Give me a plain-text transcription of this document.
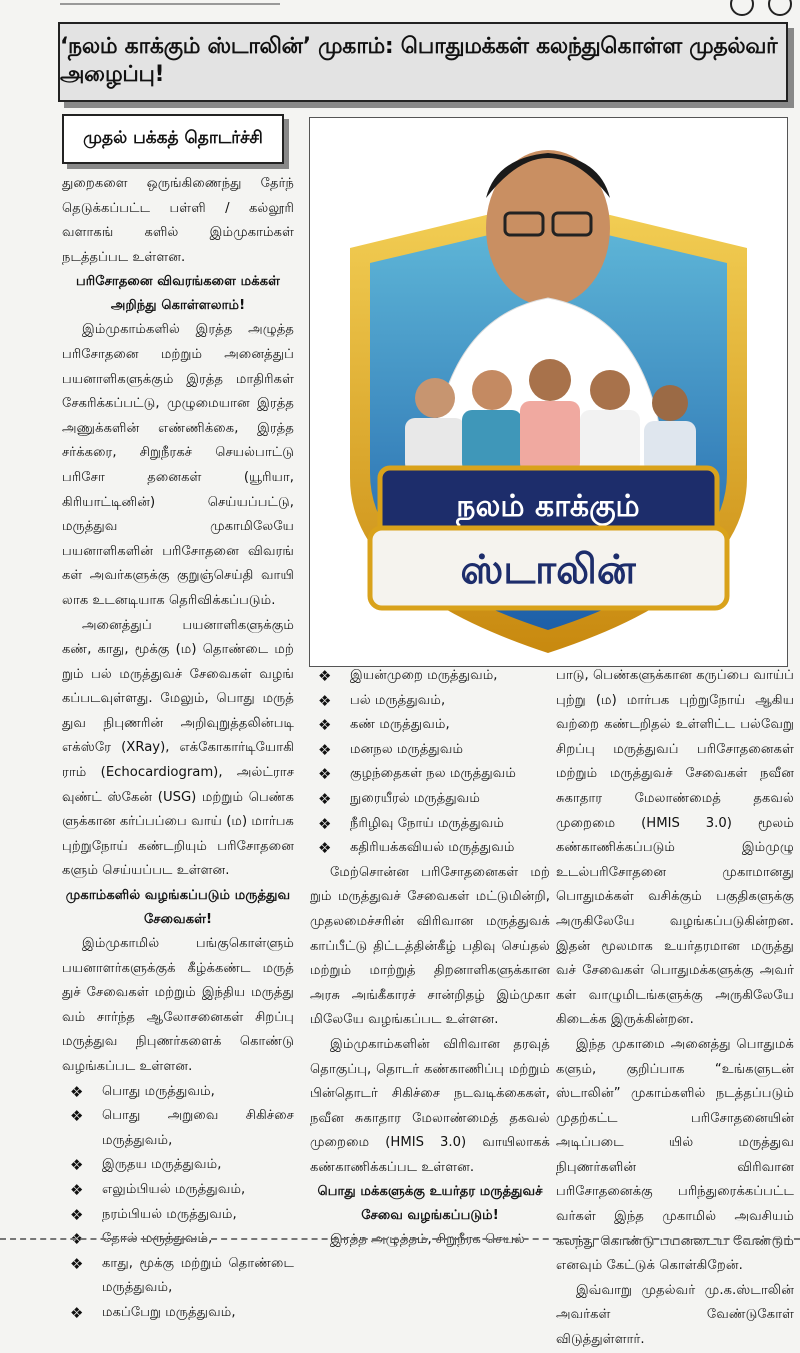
‘நலம் காக்கும் ஸ்டாலின்’ முகாம்: பொதுமக்கள் கலந்துகொள்ள முதல்வர் அழைப்பு!
முதல் பக்கத் தொடர்ச்சி

துறைகளை ஒருங்கிணைந்து தேர்ந் தெடுக்கப்பட்ட பள்ளி / கல்லூரி வளாகங் களில் இம்முகாம்கள் நடத்தப்பட உள்ளன.

பரிசோதனை விவரங்களை மக்கள் அறிந்து கொள்ளலாம்!

இம்முகாம்களில் இரத்த அழுத்த பரிசோதனை மற்றும் அனைத்துப் பயனாளிகளுக்கும் இரத்த மாதிரிகள் சேகரிக்கப்பட்டு, முழுமையான இரத்த அணுக்களின் எண்ணிக்கை, இரத்த சர்க்கரை, சிறுநீரகச் செயல்பாட்டு பரிசோ தனைகள் (யூரியா, கிரியாட்டினின்) செய்யப்பட்டு, மருத்துவ முகாமிலேயே பயனாளிகளின் பரிசோதனை விவரங் கள் அவர்களுக்கு குறுஞ்செய்தி வாயி லாக உடனடியாக தெரிவிக்கப்படும்.

அனைத்துப் பயனாளிகளுக்கும் கண், காது, மூக்கு (ம) தொண்டை மற் றும் பல் மருத்துவச் சேவைகள் வழங் கப்படவுள்ளது. மேலும், பொது மருத் துவ நிபுணரின் அறிவுறுத்தலின்படி எக்ஸ்ரே (XRay), எக்கோகார்டியோகி ராம் (Echocardiogram), அல்ட்ராச வுண்ட் ஸ்கேன் (USG) மற்றும் பெண்க ளுக்கான கர்ப்பப்பை வாய் (ம) மார்பக புற்றுநோய் கண்டறியும் பரிசோதனை களும் செய்யப்பட உள்ளன.

முகாம்களில் வழங்கப்படும் மருத்துவ சேவைகள்!

இம்முகாமில் பங்குகொள்ளும் பயனாளர்களுக்குக் கீழ்க்கண்ட மருத் துச் சேவைகள் மற்றும் இந்திய மருத்து வம் சார்ந்த ஆலோசனைகள் சிறப்பு மருத்துவ நிபுணர்களைக் கொண்டு வழங்கப்பட உள்ளன.

❖ பொது மருத்துவம்,
❖ பொது அறுவை சிகிச்சை மருத்துவம்,
❖ இருதய மருத்துவம்,
❖ எலும்பியல் மருத்துவம்,
❖ நரம்பியல் மருத்துவம்,
❖ தோல் மருத்துவம்,
❖ காது, மூக்கு மற்றும் தொண்டை மருத்துவம்,
❖ மகப்பேறு மருத்துவம்,
நலம் காக்கும்
ஸ்டாலின்
❖ இயன்முறை மருத்துவம்,
❖ பல் மருத்துவம்,
❖ கண் மருத்துவம்,
❖ மனநல மருத்துவம்
❖ குழந்தைகள் நல மருத்துவம்
❖ நுரையீரல் மருத்துவம்
❖ நீரிழிவு நோய் மருத்துவம்
❖ கதிரியக்கவியல் மருத்துவம்

மேற்சொன்ன பரிசோதனைகள் மற் றும் மருத்துவச் சேவைகள் மட்டுமின்றி, முதலமைச்சரின் விரிவான மருத்துவக் காப்பீட்டு திட்டத்தின்கீழ் பதிவு செய்தல் மற்றும் மாற்றுத் திறனாளிகளுக்கான அரசு அங்கீகாரச் சான்றிதழ் இம்முகா மிலேயே வழங்கப்பட உள்ளன.

இம்முகாம்களின் விரிவான தரவுத் தொகுப்பு, தொடர் கண்காணிப்பு மற்றும் பின்தொடர் சிகிச்சை நடவடிக்கைகள், நவீன சுகாதார மேலாண்மைத் தகவல் முறைமை (HMIS 3.0) வாயிலாகக் கண்காணிக்கப்பட உள்ளன.

பொது மக்களுக்கு உயர்தர மருத்துவச் சேவை வழங்கப்படும்!

இரத்த அழுத்தம், சிறுநீரக செயல்

பாடு, பெண்களுக்கான கருப்பை வாய்ப் புற்று (ம) மார்பக புற்றுநோய் ஆகிய வற்றை கண்டறிதல் உள்ளிட்ட பல்வேறு சிறப்பு மருத்துவப் பரிசோதனைகள் மற்றும் மருத்துவச் சேவைகள் நவீன சுகாதார மேலாண்மைத் தகவல் முறைமை (HMIS 3.0) மூலம் கண்காணிக்கப்படும் இம்முழு உடல்பரிசோதனை முகாமானது பொதுமக்கள் வசிக்கும் பகுதிகளுக்கு அருகிலேயே வழங்கப்படுகின்றன. இதன் மூலமாக உயர்தரமான மருத்து வச் சேவைகள் பொதுமக்களுக்கு அவர் கள் வாழுமிடங்களுக்கு அருகிலேயே கிடைக்க இருக்கின்றன.

இந்த முகாமை அனைத்து பொதுமக் களும், குறிப்பாக “உங்களுடன் ஸ்டாலின்” முகாம்களில் நடத்தப்படும் முதற்கட்ட பரிசோதனையின் அடிப்படை யில் மருத்துவ நிபுணர்களின் விரிவான பரிசோதனைக்கு பரிந்துரைக்கப்பட்ட வர்கள் இந்த முகாமில் அவசியம் கலந்து கொண்டு பயனடைய வேண்டும் எனவும் கேட்டுக் கொள்கிறேன்.

இவ்வாறு முதல்வர் மு.க.ஸ்டாலின் அவர்கள் வேண்டுகோள் விடுத்துள்ளார்.
